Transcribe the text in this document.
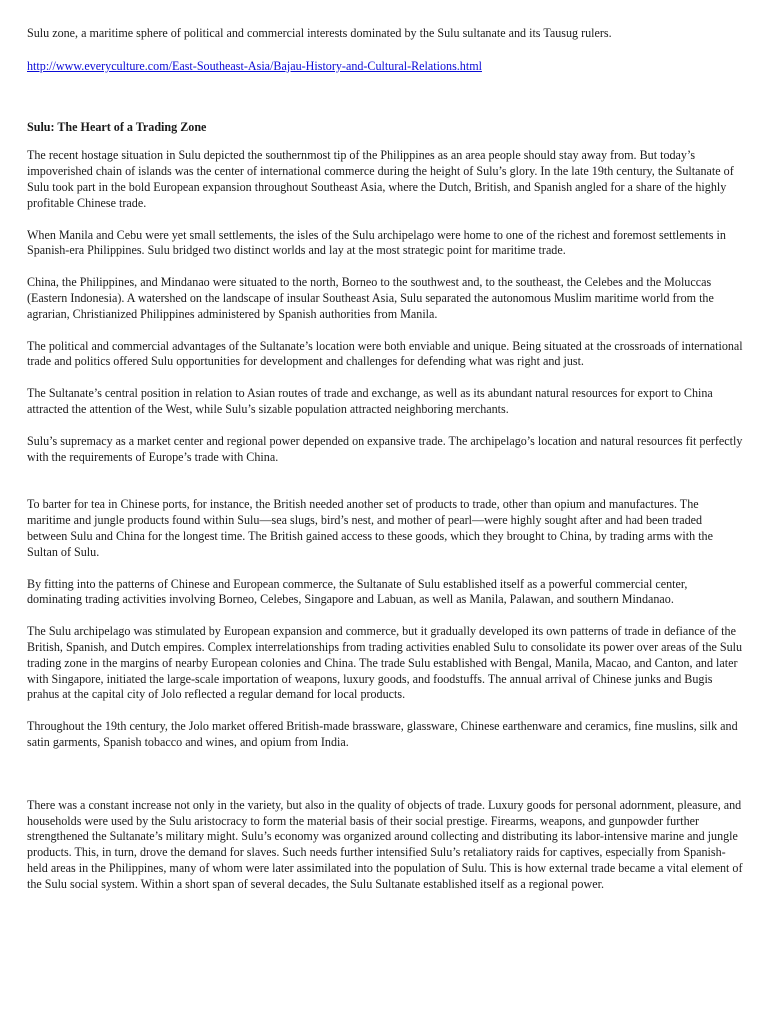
Sulu zone, a maritime sphere of political and commercial interests dominated by the Sulu sultanate and its Tausug rulers.

http://www.everyculture.com/East-Southeast-Asia/Bajau-History-and-Cultural-Relations.html

Sulu: The Heart of a Trading Zone

The recent hostage situation in Sulu depicted the southernmost tip of the Philippines as an area people should stay away from. But today’s impoverished chain of islands was the center of international commerce during the height of Sulu’s glory. In the late 19th century, the Sultanate of Sulu took part in the bold European expansion throughout Southeast Asia, where the Dutch, British, and Spanish angled for a share of the highly profitable Chinese trade.

When Manila and Cebu were yet small settlements, the isles of the Sulu archipelago were home to one of the richest and foremost settlements in Spanish-era Philippines. Sulu bridged two distinct worlds and lay at the most strategic point for maritime trade.

China, the Philippines, and Mindanao were situated to the north, Borneo to the southwest and, to the southeast, the Celebes and the Moluccas (Eastern Indonesia). A watershed on the landscape of insular Southeast Asia, Sulu separated the autonomous Muslim maritime world from the agrarian, Christianized Philippines administered by Spanish authorities from Manila.

The political and commercial advantages of the Sultanate’s location were both enviable and unique. Being situated at the crossroads of international trade and politics offered Sulu opportunities for development and challenges for defending what was right and just.

The Sultanate’s central position in relation to Asian routes of trade and exchange, as well as its abundant natural resources for export to China attracted the attention of the West, while Sulu’s sizable population attracted neighboring merchants.

Sulu’s supremacy as a market center and regional power depended on expansive trade. The archipelago’s location and natural resources fit perfectly with the requirements of Europe’s trade with China.

To barter for tea in Chinese ports, for instance, the British needed another set of products to trade, other than opium and manufactures. The maritime and jungle products found within Sulu—sea slugs, bird’s nest, and mother of pearl—were highly sought after and had been traded between Sulu and China for the longest time. The British gained access to these goods, which they brought to China, by trading arms with the Sultan of Sulu.

By fitting into the patterns of Chinese and European commerce, the Sultanate of Sulu established itself as a powerful commercial center, dominating trading activities involving Borneo, Celebes, Singapore and Labuan, as well as Manila, Palawan, and southern Mindanao.

The Sulu archipelago was stimulated by European expansion and commerce, but it gradually developed its own patterns of trade in defiance of the British, Spanish, and Dutch empires. Complex interrelationships from trading activities enabled Sulu to consolidate its power over areas of the Sulu trading zone in the margins of nearby European colonies and China. The trade Sulu established with Bengal, Manila, Macao, and Canton, and later with Singapore, initiated the large-scale importation of weapons, luxury goods, and foodstuffs. The annual arrival of Chinese junks and Bugis prahus at the capital city of Jolo reflected a regular demand for local products.

Throughout the 19th century, the Jolo market offered British-made brassware, glassware, Chinese earthenware and ceramics, fine muslins, silk and satin garments, Spanish tobacco and wines, and opium from India.

There was a constant increase not only in the variety, but also in the quality of objects of trade. Luxury goods for personal adornment, pleasure, and households were used by the Sulu aristocracy to form the material basis of their social prestige. Firearms, weapons, and gunpowder further strengthened the Sultanate’s military might. Sulu’s economy was organized around collecting and distributing its labor-intensive marine and jungle products. This, in turn, drove the demand for slaves. Such needs further intensified Sulu’s retaliatory raids for captives, especially from Spanish-held areas in the Philippines, many of whom were later assimilated into the population of Sulu. This is how external trade became a vital element of the Sulu social system. Within a short span of several decades, the Sulu Sultanate established itself as a regional power.
